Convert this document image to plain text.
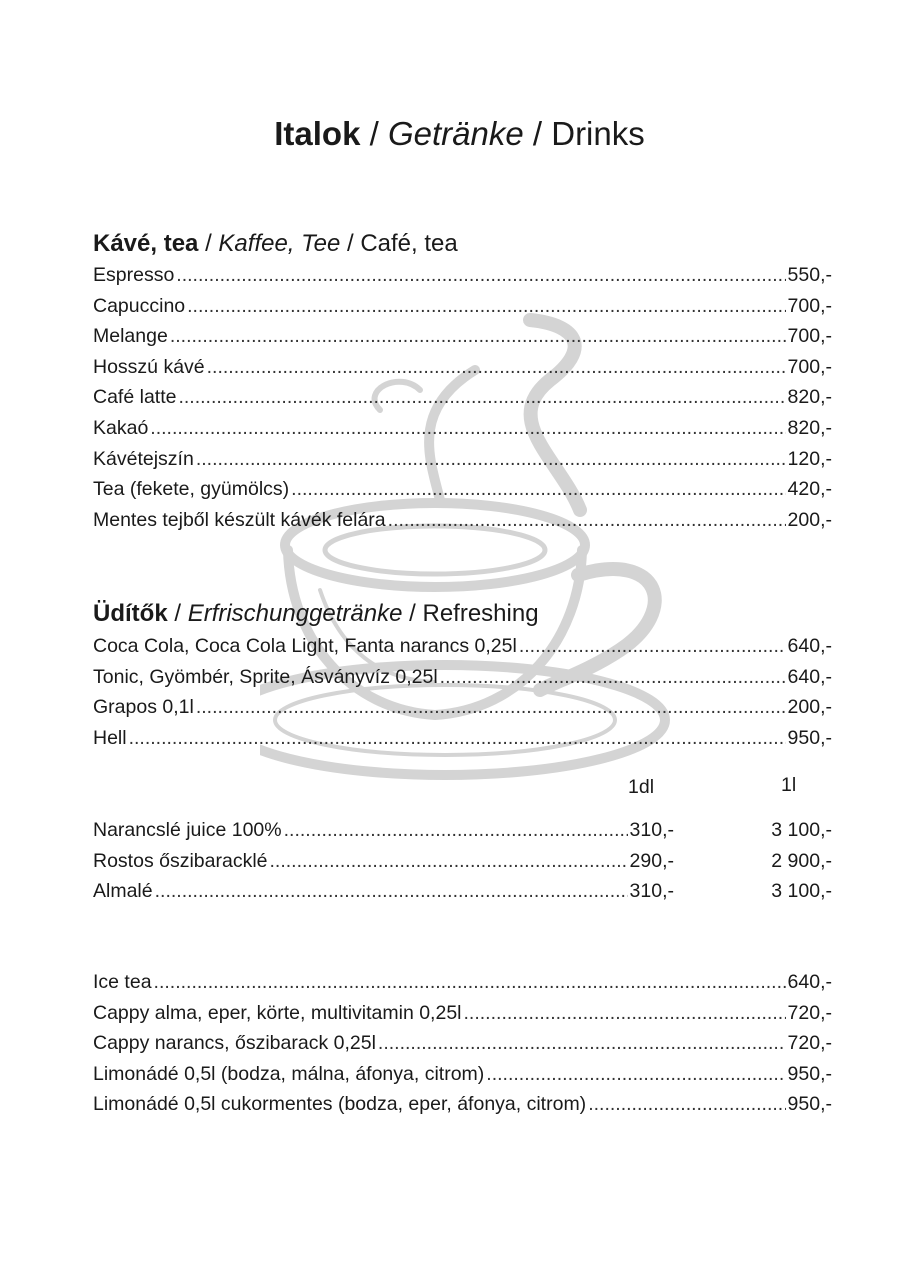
Italok / Getränke / Drinks
Kávé, tea / Kaffee, Tee / Café, tea
Espresso .....	550,-
Capuccino .....	700,-
Melange .....	700,-
Hosszú kávé .....	700,-
Café latte .....	820,-
Kakaó .....	820,-
Kávétejszín .....	120,-
Tea (fekete, gyümölcs) .....	420,-
Mentes tejből készült kávék felára .....	200,-
Üdítők / Erfrischunggetränke / Refreshing
Coca Cola, Coca Cola Light, Fanta narancs 0,25l .....	640,-
Tonic, Gyömbér, Sprite, Ásványvíz 0,25l .....	640,-
Grapos 0,1l .....	200,-
Hell .....	950,-
1dl	1l
Narancslé juice 100% .....	310,-	3 100,-
Rostos őszibaracklé .....	290,-	2 900,-
Almalé .....	310,-	3 100,-
Ice tea .....	640,-
Cappy alma, eper, körte, multivitamin 0,25l .....	720,-
Cappy narancs, őszibarack 0,25l .....	720,-
Limonádé 0,5l (bodza, málna, áfonya, citrom) .....	950,-
Limonádé 0,5l cukormentes (bodza, eper, áfonya, citrom) .....	950,-
